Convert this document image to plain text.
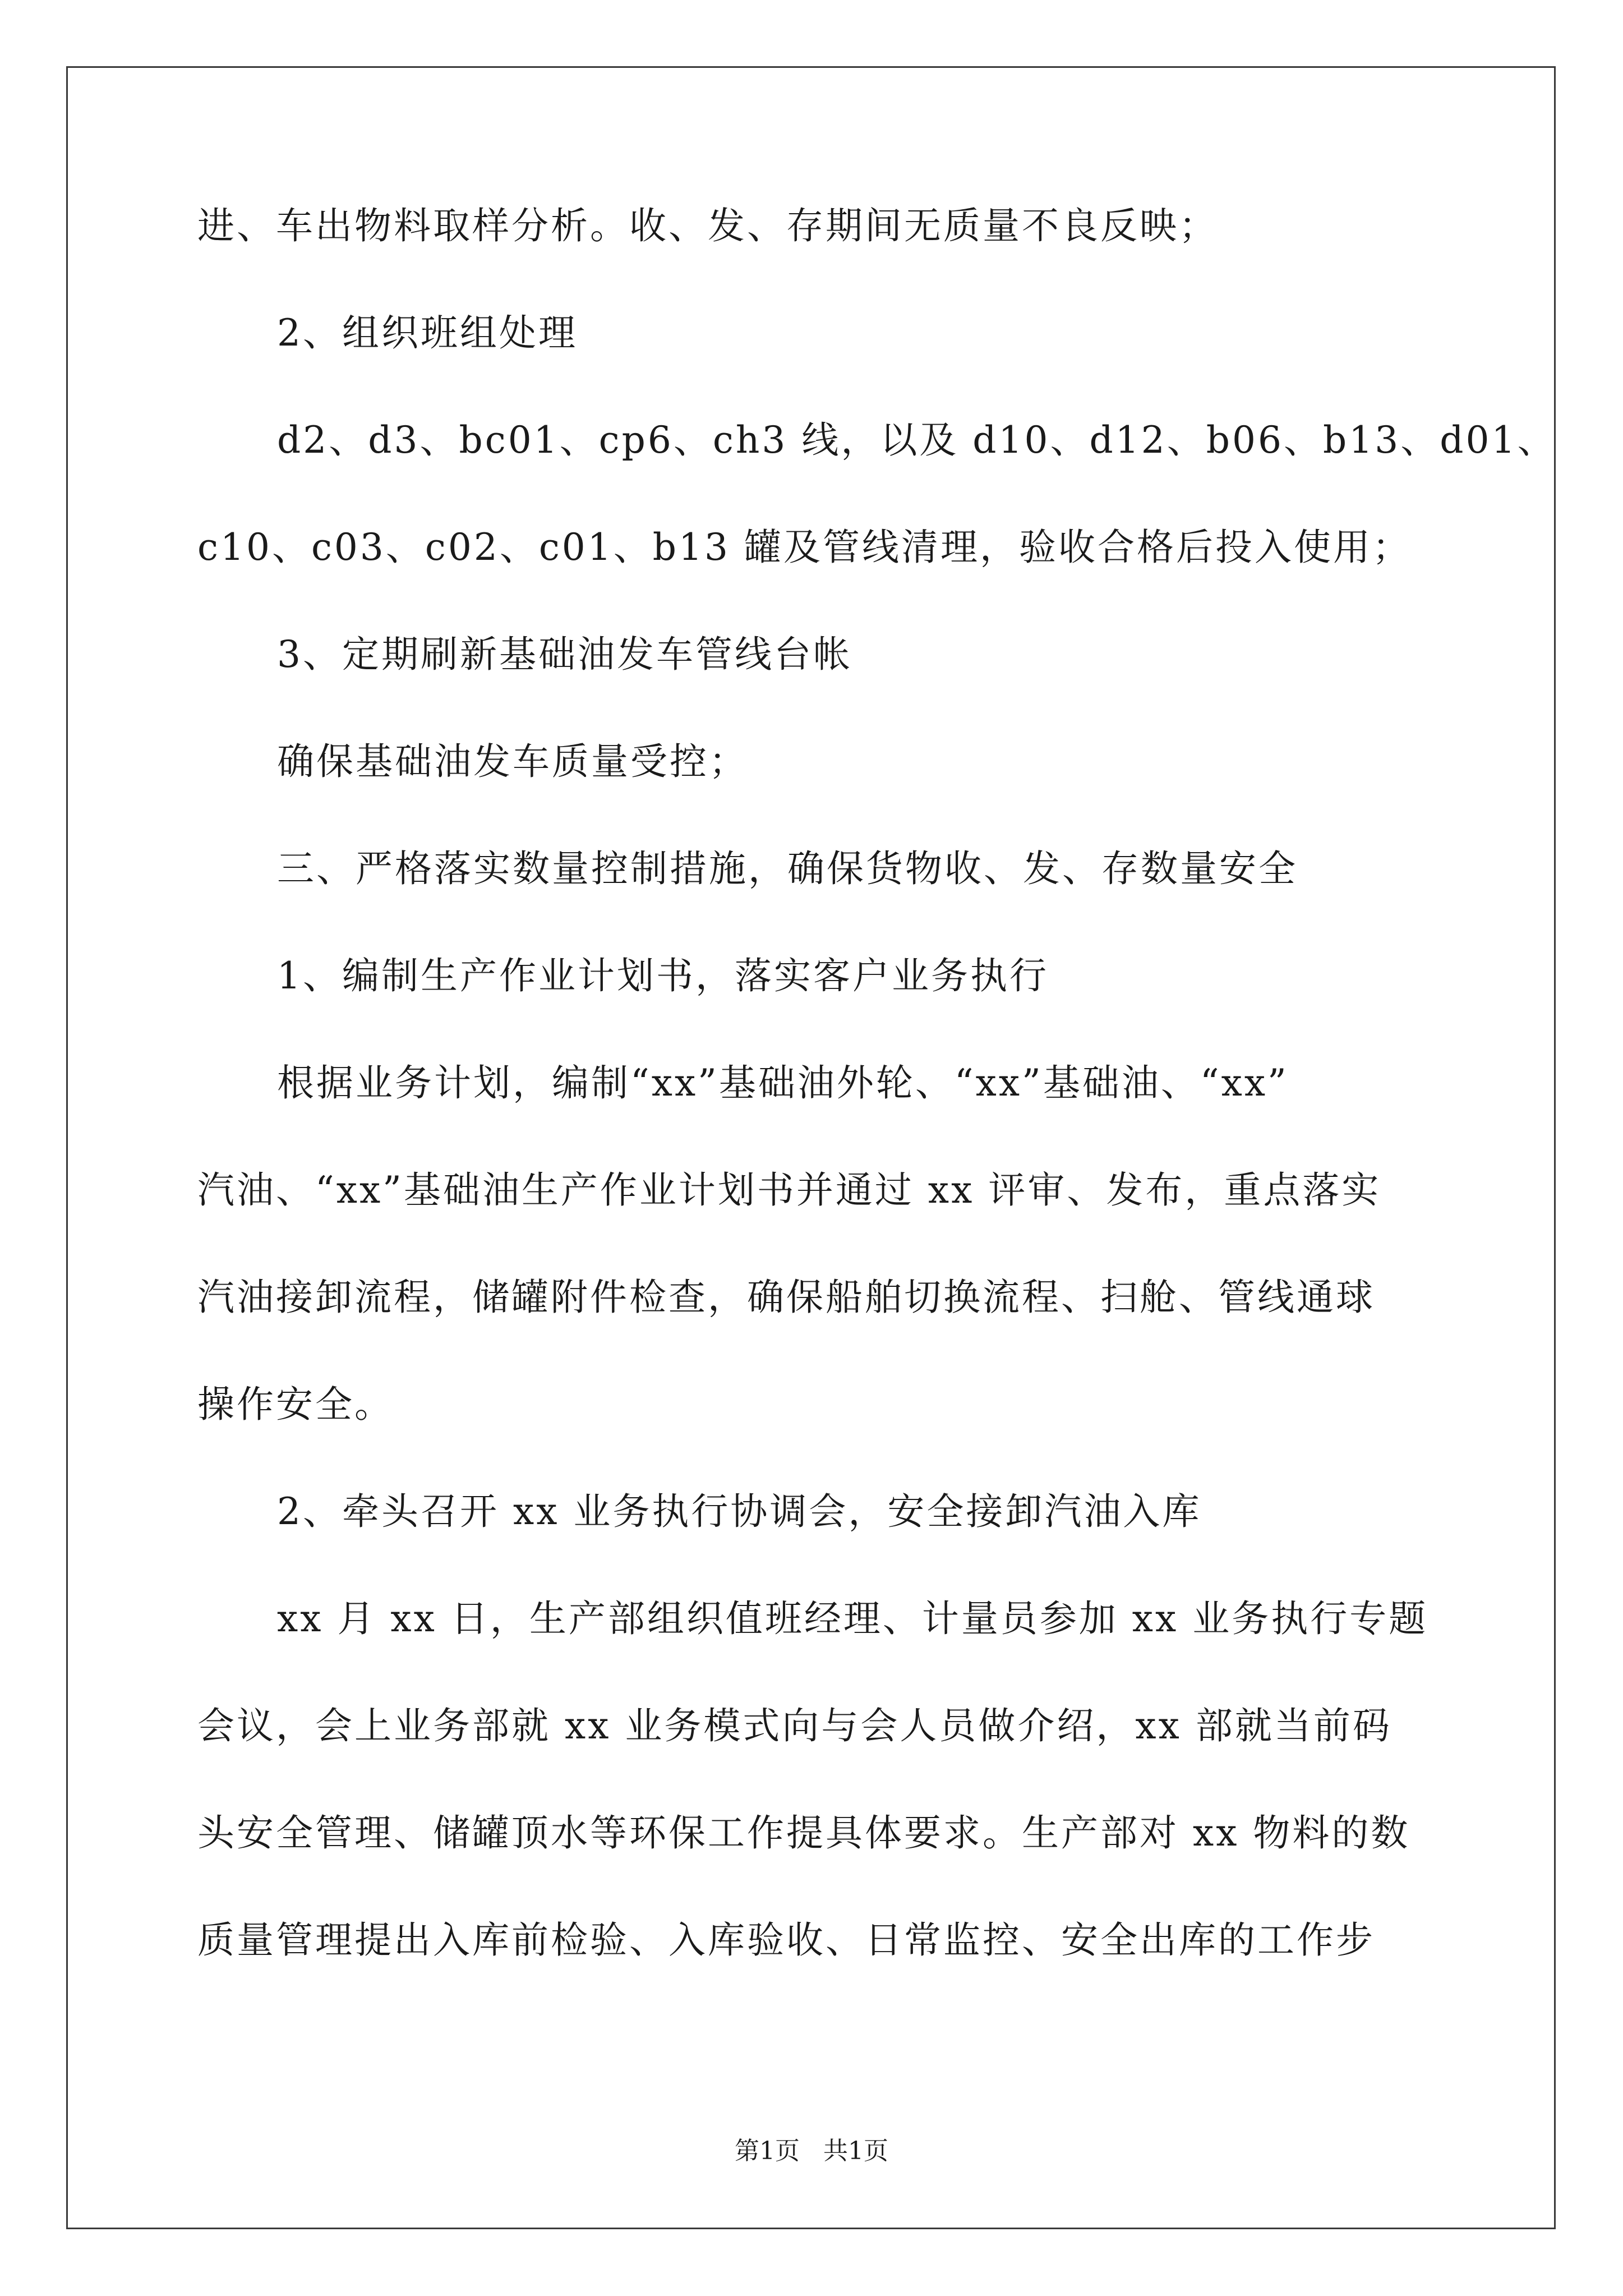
进、车出物料取样分析。收、发、存期间无质量不良反映；
2、组织班组处理
d2、d3、bc01、cp6、ch3 线，以及 d10、d12、b06、b13、d01、
c10、c03、c02、c01、b13 罐及管线清理，验收合格后投入使用；
3、定期刷新基础油发车管线台帐
确保基础油发车质量受控；
三、严格落实数量控制措施，确保货物收、发、存数量安全
1、编制生产作业计划书，落实客户业务执行
根据业务计划，编制“xx”基础油外轮、“xx”基础油、“xx”
汽油、“xx”基础油生产作业计划书并通过 xx 评审、发布，重点落实
汽油接卸流程，储罐附件检查，确保船舶切换流程、扫舱、管线通球
操作安全。
2、牵头召开 xx 业务执行协调会，安全接卸汽油入库
xx 月 xx 日，生产部组织值班经理、计量员参加 xx 业务执行专题
会议，会上业务部就 xx 业务模式向与会人员做介绍，xx 部就当前码
头安全管理、储罐顶水等环保工作提具体要求。生产部对 xx 物料的数
质量管理提出入库前检验、入库验收、日常监控、安全出库的工作步
第1页 共1页
